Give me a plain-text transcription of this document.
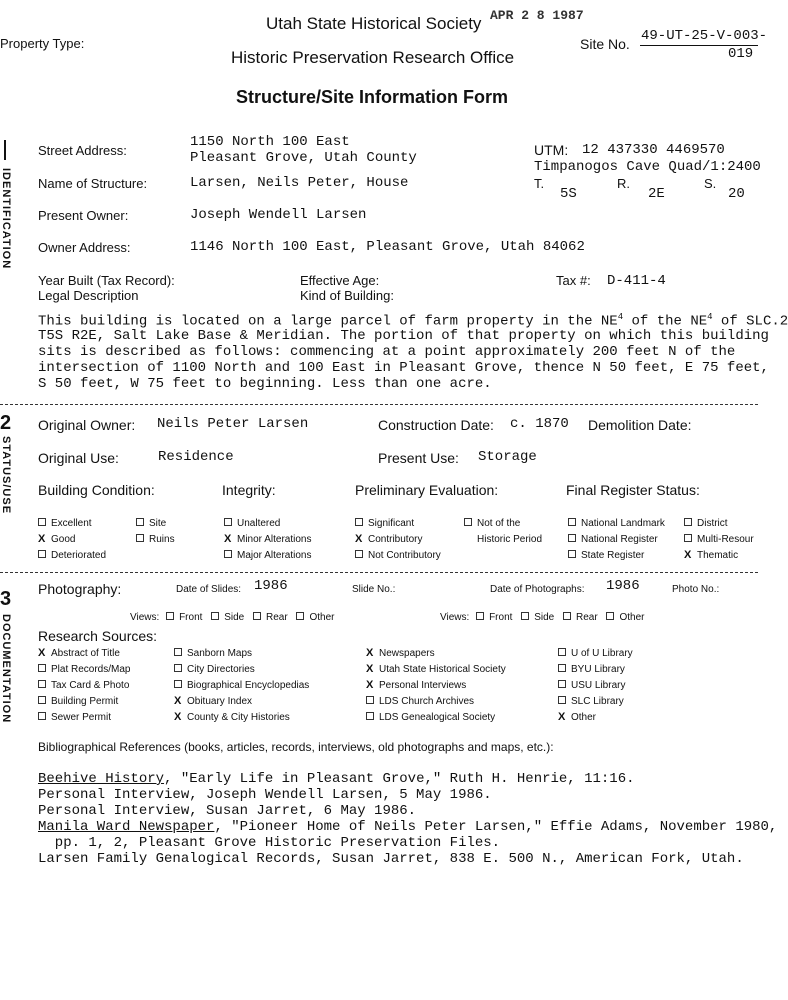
Utah State Historical Society APR 2 8 1987
Property Type:
Historic Preservation Research Office
Site No. 49-UT-25-V-003-
019
Structure/Site Information Form
IDENTIFICATION
2
STATUS/USE
3
DOCUMENTATION
Street Address:
1150 North 100 East
Pleasant Grove, Utah County
Name of Structure:	Larsen, Neils Peter, House
Present Owner:	Joseph Wendell Larsen
Owner Address:	1146 North 100 East, Pleasant Grove, Utah 84062
UTM: 12 437330 4469570
Timpanogos Cave Quad/1:2400
T.
5S
R.
2E
S.
20
Year Built (Tax Record):	Effective Age:	Tax #: D-411-4
Legal Description	Kind of Building:
This building is located on a large parcel of farm property in the $NE^4$ of the $NE^4$ of SLC.2
T5S R2E, Salt Lake Base & Meridian. The portion of that property on which this building
sits is described as follows: commencing at a point approximately 200 feet N of the
intersection of 1100 North and 100 East in Pleasant Grove, thence N 50 feet, E 75 feet,
S 50 feet, W 75 feet to beginning. Less than one acre.
Original Owner: Neils Peter Larsen	Construction Date: c. 1870 Demolition Date:
Original Use:	Residence	Present Use: Storage
Building Condition:	Integrity:	Preliminary Evaluation:	Final Register Status:
Excellent
X Good
Deteriorated
Site
Ruins
Unaltered
X Minor Alterations
Major Alterations
Significant
X Contributory
Not Contributory
Not of the
Historic Period
National Landmark
National Register
State Register
District
Multi-Resour
X Thematic
Photography:	Date of Slides: 1986	Slide No.:	Date of Photographs: 1986	Photo No.:
Views: Front Side Rear Other	Views: Front Side Rear Other
Research Sources:
X Abstract of Title
Plat Records/Map
Tax Card & Photo
Building Permit
Sewer Permit
Sanborn Maps
City Directories
Biographical Encyclopedias
X Obituary Index
X County & City Histories
X Newspapers
X Utah State Historical Society
X Personal Interviews
LDS Church Archives
LDS Genealogical Society
U of U Library
BYU Library
USU Library
SLC Library
X Other
Bibliographical References (books, articles, records, interviews, old photographs and maps, etc.):
Beehive History, "Early Life in Pleasant Grove," Ruth H. Henrie, 11:16.
Personal Interview, Joseph Wendell Larsen, 5 May 1986.
Personal Interview, Susan Jarret, 6 May 1986.
Manila Ward Newspaper, "Pioneer Home of Neils Peter Larsen," Effie Adams, November 1980,
pp. 1, 2, Pleasant Grove Historic Preservation Files.
Larsen Family Genalogical Records, Susan Jarret, 838 E. 500 N., American Fork, Utah.
